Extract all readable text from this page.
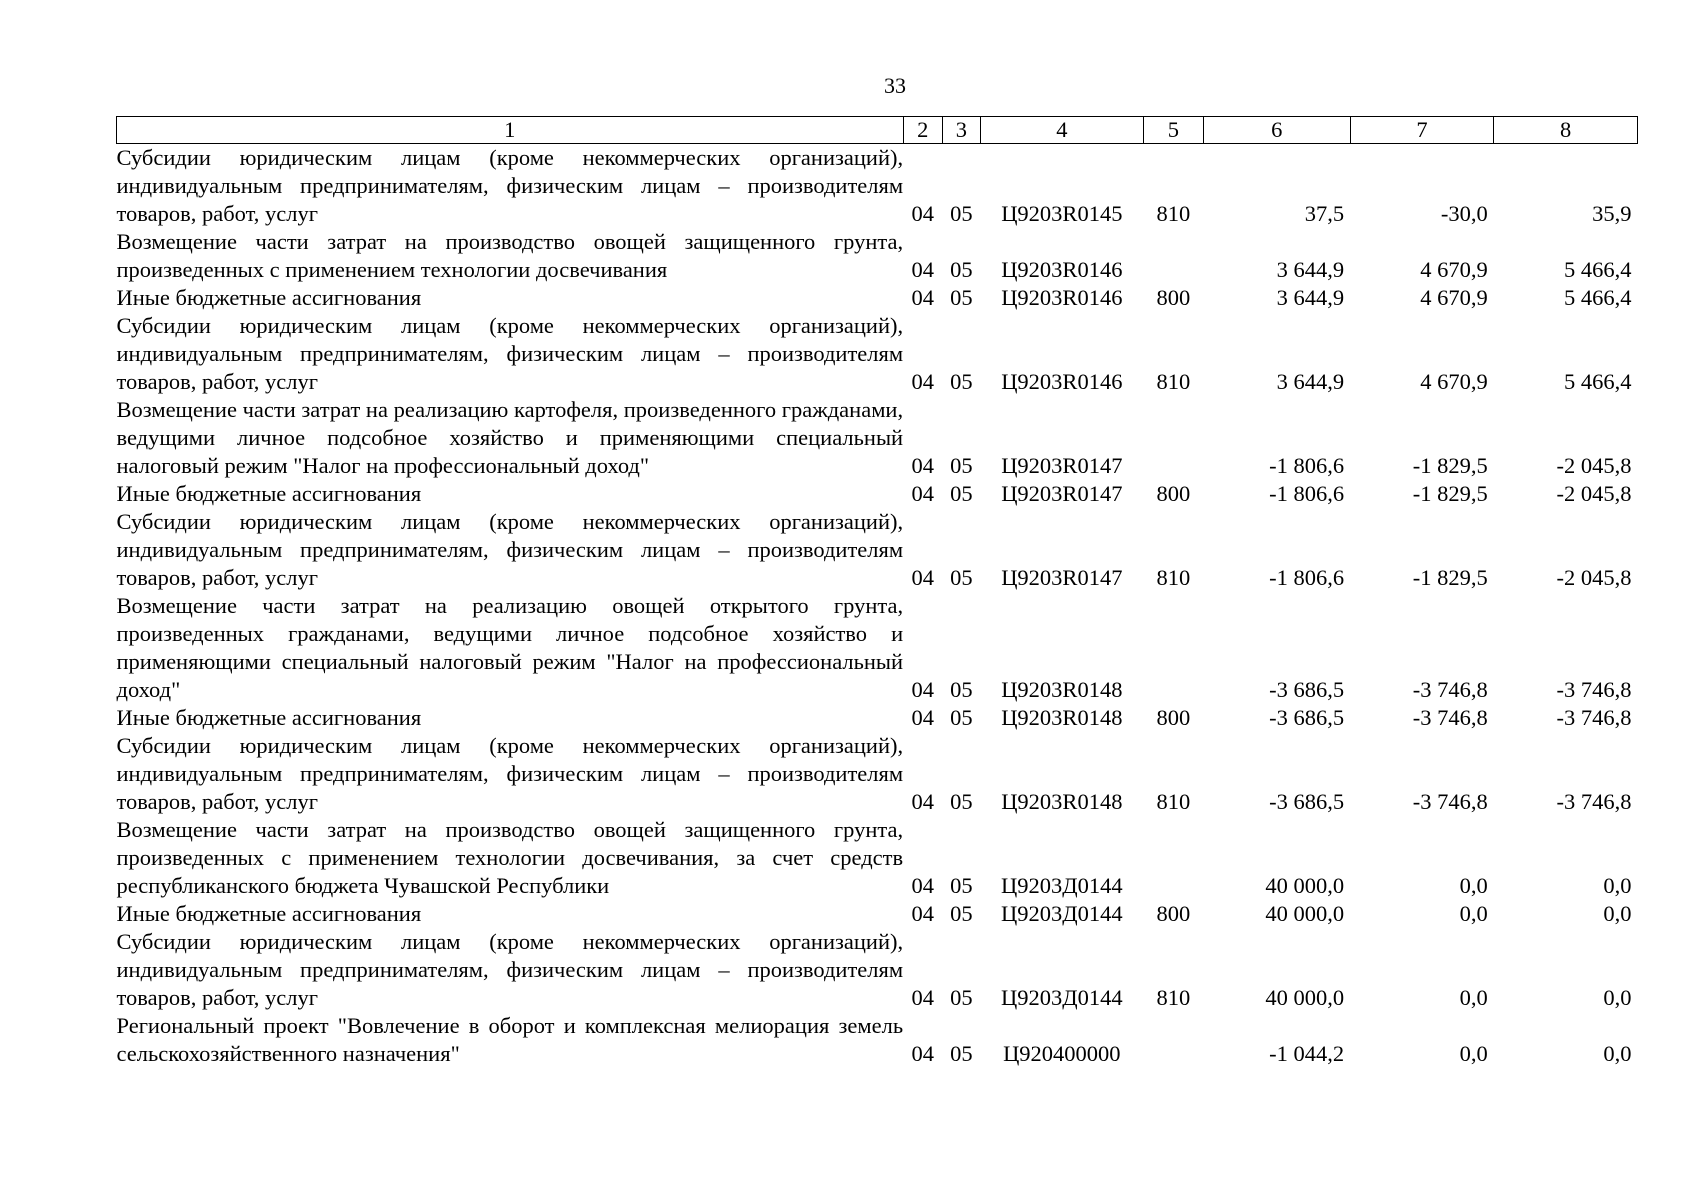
33
1	2	3	4	5	6	7	8
Субсидии юридическим лицам (кроме некоммерческих организаций), индивидуальным предпринимателям, физическим лицам – производителям товаров, работ, услуг	04	05	Ц9203R0145	810	37,5	-30,0	35,9
Возмещение части затрат на производство овощей защищенного грунта, произведенных с применением технологии досвечивания	04	05	Ц9203R0146		3 644,9	4 670,9	5 466,4
Иные бюджетные ассигнования	04	05	Ц9203R0146	800	3 644,9	4 670,9	5 466,4
Субсидии юридическим лицам (кроме некоммерческих организаций), индивидуальным предпринимателям, физическим лицам – производителям товаров, работ, услуг	04	05	Ц9203R0146	810	3 644,9	4 670,9	5 466,4
Возмещение части затрат на реализацию картофеля, произведенного гражданами, ведущими личное подсобное хозяйство и применяющими специальный налоговый режим "Налог на профессиональный доход"	04	05	Ц9203R0147		-1 806,6	-1 829,5	-2 045,8
Иные бюджетные ассигнования	04	05	Ц9203R0147	800	-1 806,6	-1 829,5	-2 045,8
Субсидии юридическим лицам (кроме некоммерческих организаций), индивидуальным предпринимателям, физическим лицам – производителям товаров, работ, услуг	04	05	Ц9203R0147	810	-1 806,6	-1 829,5	-2 045,8
Возмещение части затрат на реализацию овощей открытого грунта, произведенных гражданами, ведущими личное подсобное хозяйство и применяющими специальный налоговый режим "Налог на профессиональный доход"	04	05	Ц9203R0148		-3 686,5	-3 746,8	-3 746,8
Иные бюджетные ассигнования	04	05	Ц9203R0148	800	-3 686,5	-3 746,8	-3 746,8
Субсидии юридическим лицам (кроме некоммерческих организаций), индивидуальным предпринимателям, физическим лицам – производителям товаров, работ, услуг	04	05	Ц9203R0148	810	-3 686,5	-3 746,8	-3 746,8
Возмещение части затрат на производство овощей защищенного грунта, произведенных с применением технологии досвечивания, за счет средств республиканского бюджета Чувашской Республики	04	05	Ц9203Д0144		40 000,0	0,0	0,0
Иные бюджетные ассигнования	04	05	Ц9203Д0144	800	40 000,0	0,0	0,0
Субсидии юридическим лицам (кроме некоммерческих организаций), индивидуальным предпринимателям, физическим лицам – производителям товаров, работ, услуг	04	05	Ц9203Д0144	810	40 000,0	0,0	0,0
Региональный проект "Вовлечение в оборот и комплексная мелиорация земель сельскохозяйственного назначения"	04	05	Ц920400000		-1 044,2	0,0	0,0
